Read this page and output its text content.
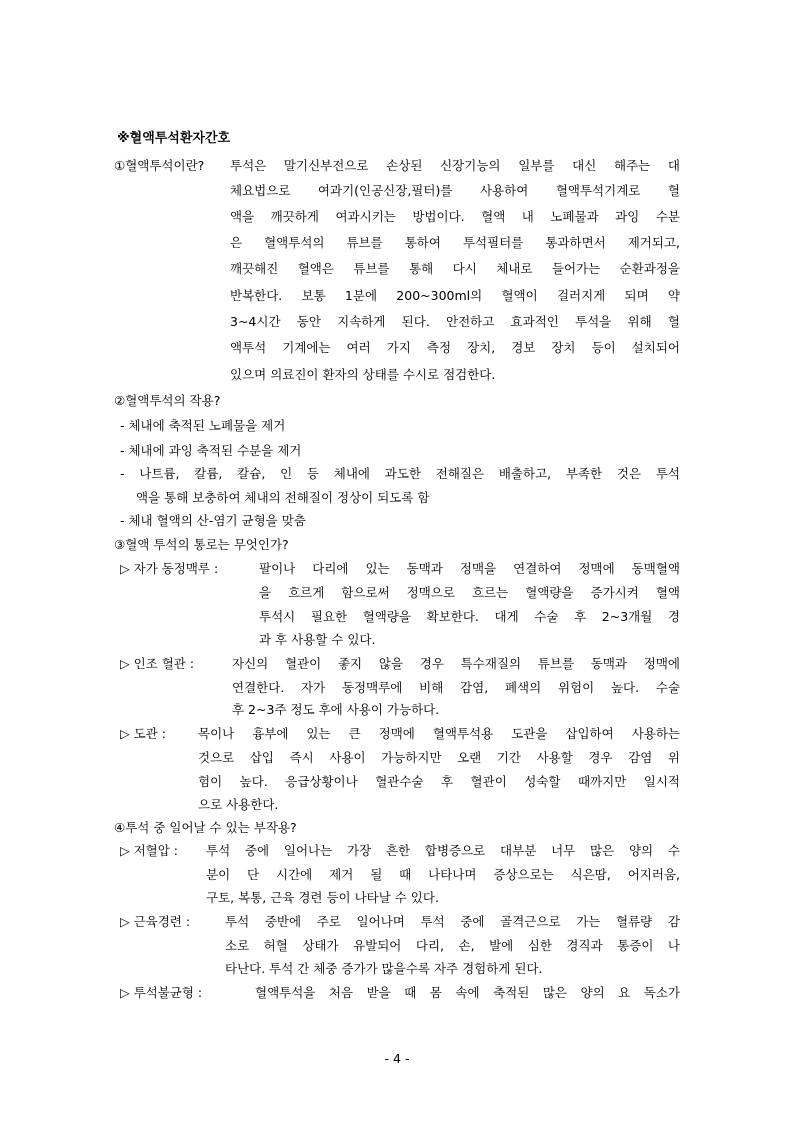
※혈액투석환자간호
①혈액투석이란? 투석은 말기신부전으로 손상된 신장기능의 일부를 대신 해주는 대
체요법으로 여과기(인공신장,필터)를 사용하여 혈액투석기계로 혈
액을 깨끗하게 여과시키는 방법이다. 혈액 내 노폐물과 과잉 수분
은 혈액투석의 튜브를 통하여 투석필터를 통과하면서 제거되고,
깨끗해진 혈액은 튜브를 통해 다시 체내로 들어가는 순환과정을
반복한다. 보통 1분에 200~300ml의 혈액이 걸러지게 되며 약
3~4시간 동안 지속하게 된다. 안전하고 효과적인 투석을 위해 혈
액투석 기계에는 여러 가지 측정 장치, 경보 장치 등이 설치되어
있으며 의료진이 환자의 상태를 수시로 점검한다.
②혈액투석의 작용?
- 체내에 축적된 노폐물을 제거
- 체내에 과잉 축적된 수분을 제거
- 나트륨, 칼륨, 칼슘, 인 등 체내에 과도한 전해질은 배출하고, 부족한 것은 투석
액을 통해 보충하여 체내의 전해질이 정상이 되도록 함
- 체내 혈액의 산-염기 균형을 맞춤
③혈액 투석의 통로는 무엇인가?
▷ 자가 동정맥루 :	팔이나 다리에 있는 동맥과 정맥을 연결하여 정맥에 동맥혈액
을 흐르게 함으로써 정맥으로 흐르는 혈액량을 증가시켜 혈액
투석시 필요한 혈액량을 확보한다. 대게 수술 후 2~3개월 경
과 후 사용할 수 있다.
▷ 인조 혈관 :	자신의 혈관이 좋지 않을 경우 특수재질의 튜브를 동맥과 정맥에
연결한다. 자가 동정맥루에 비해 감염, 폐색의 위험이 높다. 수술
후 2~3주 정도 후에 사용이 가능하다.
▷ 도관 :	목이나 흉부에 있는 큰 정맥에 혈액투석용 도관을 삽입하여 사용하는
것으로 삽입 즉시 사용이 가능하지만 오랜 기간 사용할 경우 감염 위
험이 높다. 응급상황이나 혈관수술 후 혈관이 성숙할 때까지만 일시적
으로 사용한다.
④투석 중 일어날 수 있는 부작용?
▷ 저혈압 : 투석 중에 일어나는 가장 흔한 합병증으로 대부분 너무 많은 양의 수
분이 단 시간에 제거 될 때 나타나며 증상으로는 식은땀, 어지러움,
구토, 복통, 근육 경련 등이 나타날 수 있다.
▷ 근육경련 :	투석 중반에 주로 일어나며 투석 중에 골격근으로 가는 혈류량 감
소로 허혈 상태가 유발되어 다리, 손, 발에 심한 경직과 통증이 나
타난다. 투석 간 체중 증가가 많을수록 자주 경험하게 된다.
▷ 투석불균형 :	혈액투석을 처음 받을 때 몸 속에 축적된 많은 양의 요 독소가
- 4 -
